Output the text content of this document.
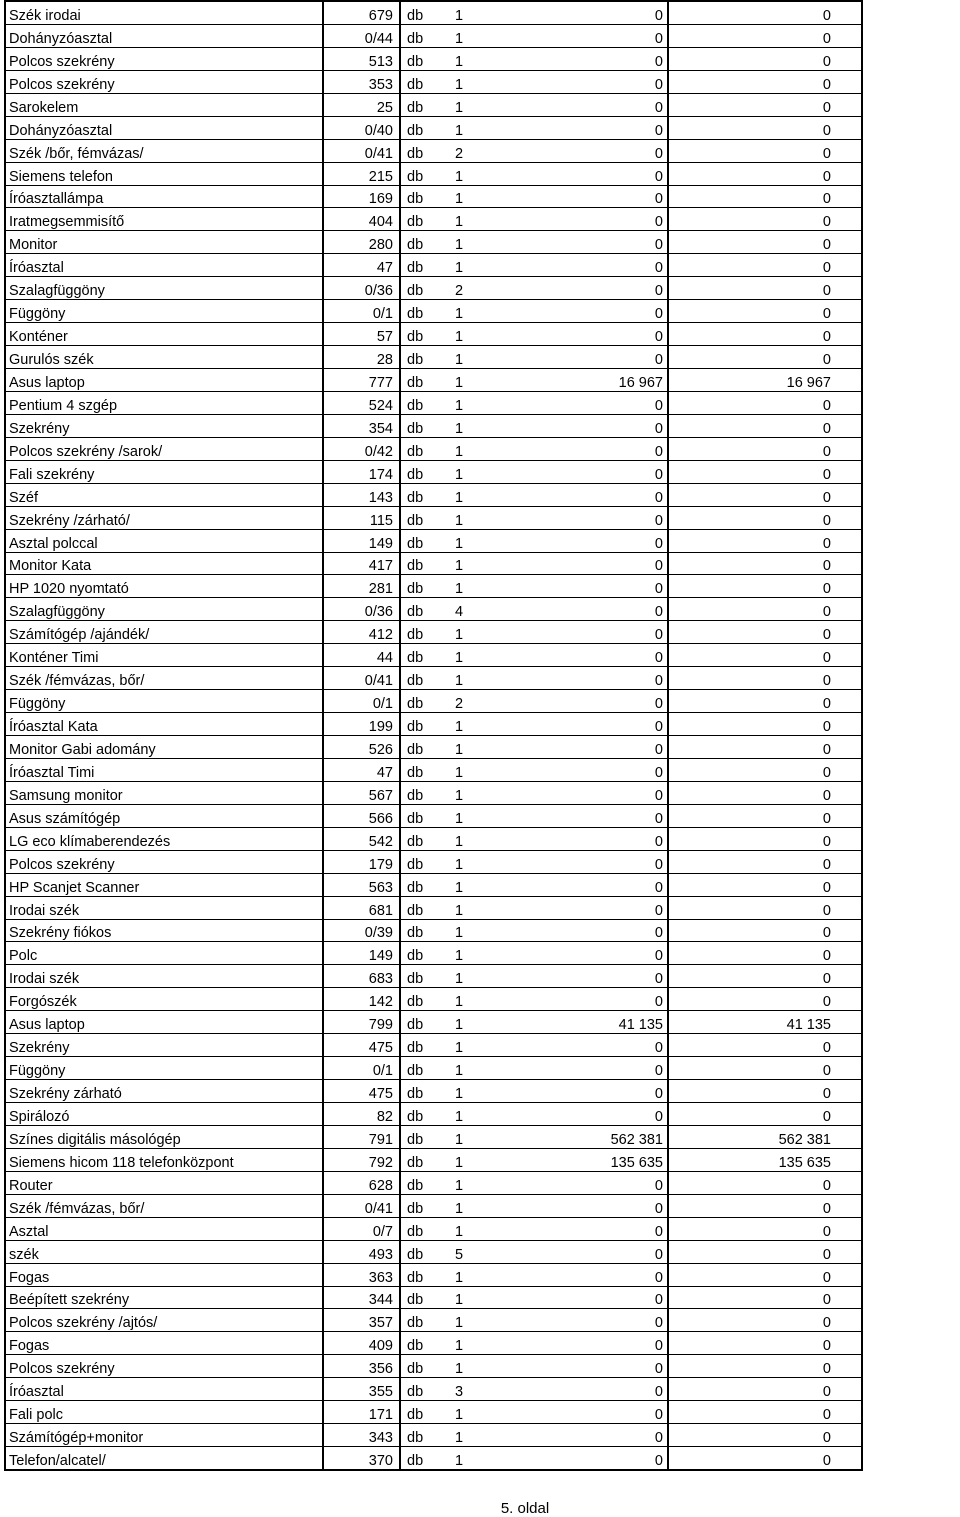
Szék irodai	679	db	1	0	0
Dohányzóasztal	0/44	db	1	0	0
Polcos szekrény	513	db	1	0	0
Polcos szekrény	353	db	1	0	0
Sarokelem	25	db	1	0	0
Dohányzóasztal	0/40	db	1	0	0
Szék /bőr, fémvázas/	0/41	db	2	0	0
Siemens telefon	215	db	1	0	0
Íróasztallámpa	169	db	1	0	0
Iratmegsemmisítő	404	db	1	0	0
Monitor	280	db	1	0	0
Íróasztal	47	db	1	0	0
Szalagfüggöny	0/36	db	2	0	0
Függöny	0/1	db	1	0	0
Konténer	57	db	1	0	0
Gurulós szék	28	db	1	0	0
Asus laptop	777	db	1	16 967	16 967
Pentium 4 szgép	524	db	1	0	0
Szekrény	354	db	1	0	0
Polcos szekrény /sarok/	0/42	db	1	0	0
Fali szekrény	174	db	1	0	0
Széf	143	db	1	0	0
Szekrény /zárható/	115	db	1	0	0
Asztal polccal	149	db	1	0	0
Monitor Kata	417	db	1	0	0
HP 1020 nyomtató	281	db	1	0	0
Szalagfüggöny	0/36	db	4	0	0
Számítógép /ajándék/	412	db	1	0	0
Konténer Timi	44	db	1	0	0
Szék /fémvázas, bőr/	0/41	db	1	0	0
Függöny	0/1	db	2	0	0
Íróasztal Kata	199	db	1	0	0
Monitor Gabi adomány	526	db	1	0	0
Íróasztal Timi	47	db	1	0	0
Samsung monitor	567	db	1	0	0
Asus számítógép	566	db	1	0	0
LG eco klímaberendezés	542	db	1	0	0
Polcos szekrény	179	db	1	0	0
HP Scanjet Scanner	563	db	1	0	0
Irodai szék	681	db	1	0	0
Szekrény fiókos	0/39	db	1	0	0
Polc	149	db	1	0	0
Irodai szék	683	db	1	0	0
Forgószék	142	db	1	0	0
Asus laptop	799	db	1	41 135	41 135
Szekrény	475	db	1	0	0
Függöny	0/1	db	1	0	0
Szekrény zárható	475	db	1	0	0
Spirálozó	82	db	1	0	0
Színes digitális másológép	791	db	1	562 381	562 381
Siemens hicom 118 telefonközpont	792	db	1	135 635	135 635
Router	628	db	1	0	0
Szék /fémvázas, bőr/	0/41	db	1	0	0
Asztal	0/7	db	1	0	0
szék	493	db	5	0	0
Fogas	363	db	1	0	0
Beépített szekrény	344	db	1	0	0
Polcos szekrény /ajtós/	357	db	1	0	0
Fogas	409	db	1	0	0
Polcos szekrény	356	db	1	0	0
Íróasztal	355	db	3	0	0
Fali polc	171	db	1	0	0
Számítógép+monitor	343	db	1	0	0
Telefon/alcatel/	370	db	1	0	0
5. oldal
